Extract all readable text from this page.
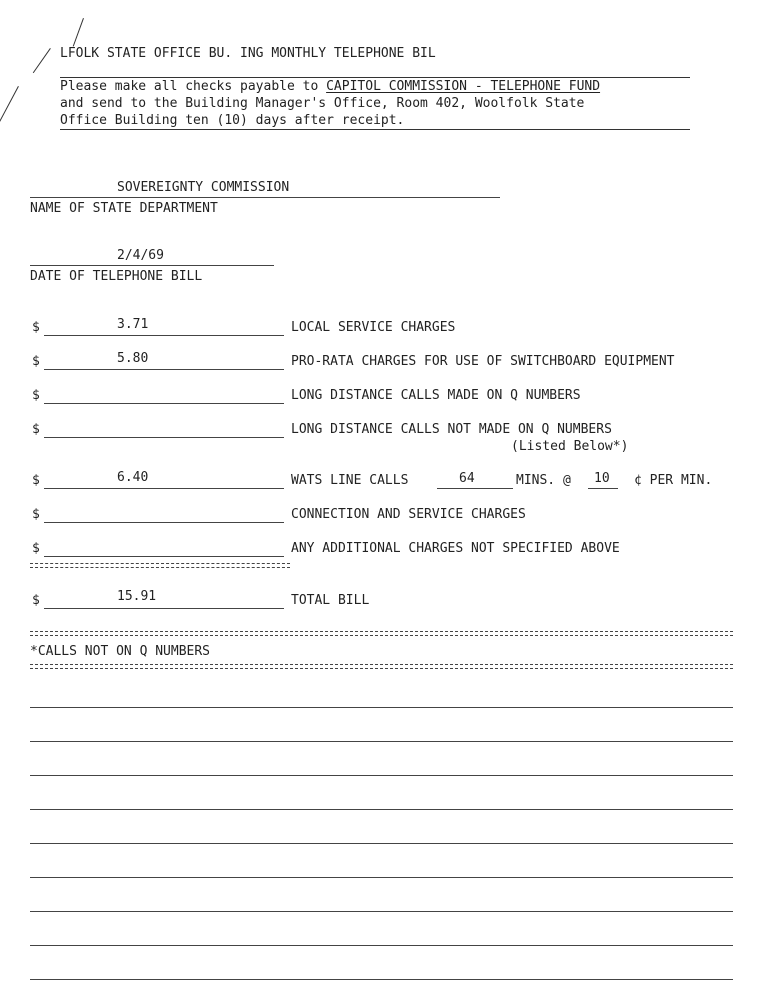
LFOLK STATE OFFICE BU. ING MONTHLY TELEPHONE BIL
Please make all checks payable to CAPITOL COMMISSION - TELEPHONE FUND
and send to the Building Manager's Office, Room 402, Woolfolk State
Office Building ten (10) days after receipt.
SOVEREIGNTY COMMISSION
NAME OF STATE DEPARTMENT
2/4/69
DATE OF TELEPHONE BILL
$	3.71	LOCAL SERVICE CHARGES
$	5.80	PRO-RATA CHARGES FOR USE OF SWITCHBOARD EQUIPMENT
$	LONG DISTANCE CALLS MADE ON Q NUMBERS
$	LONG DISTANCE CALLS NOT MADE ON Q NUMBERS
(Listed Below*)
$	6.40	WATS LINE CALLS	64	MINS. @ 10 ¢ PER MIN.
$	CONNECTION AND SERVICE CHARGES
$	ANY ADDITIONAL CHARGES NOT SPECIFIED ABOVE
$	15.91	TOTAL BILL
*CALLS NOT ON Q NUMBERS
